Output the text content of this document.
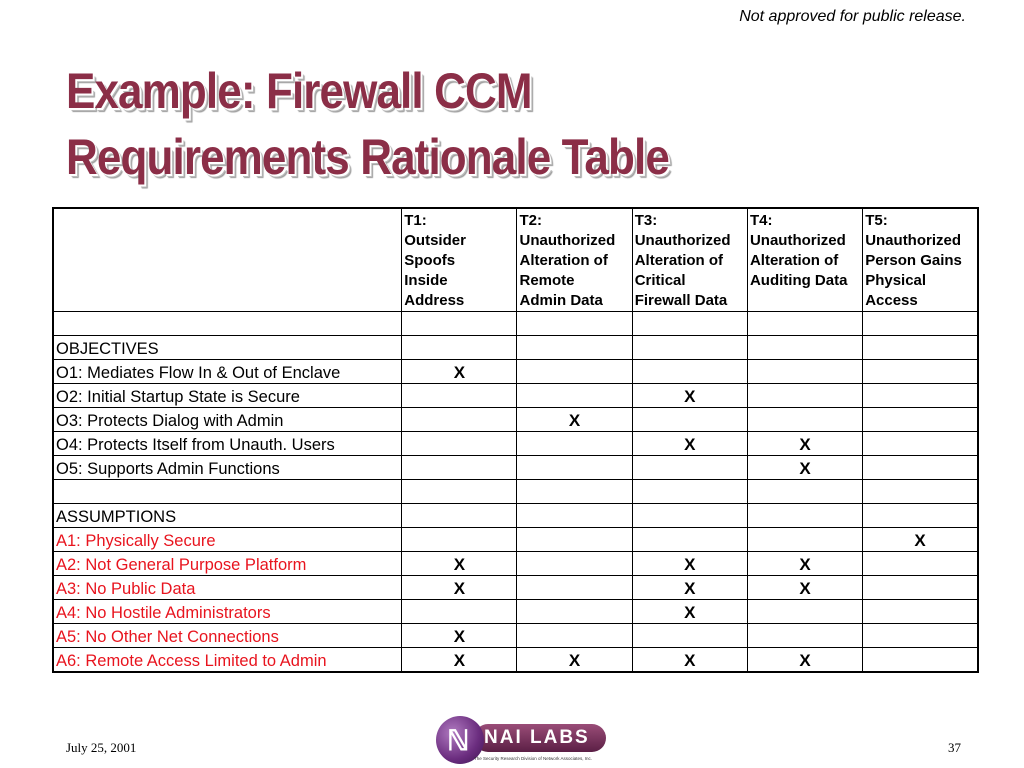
Not approved for public release.
Example: Firewall CCM
Requirements Rationale Table

	T1:
Outsider
Spoofs
Inside
Address	T2:
Unauthorized
Alteration of
Remote
Admin Data	T3:
Unauthorized
Alteration of
Critical
Firewall Data	T4:
Unauthorized
Alteration of
Auditing Data	T5:
Unauthorized
Person Gains
Physical
Access

OBJECTIVES					
O1: Mediates Flow In & Out of Enclave	X				
O2: Initial Startup State is Secure			X		
O3: Protects Dialog with Admin		X			
O4: Protects Itself from Unauth. Users			X	X	
O5: Supports Admin Functions				X	

ASSUMPTIONS					
A1: Physically Secure					X
A2: Not General Purpose Platform	X		X	X	
A3: No Public Data	X		X	X	
A4: No Hostile Administrators			X		
A5: No Other Net Connections	X				
A6: Remote Access Limited to Admin	X	X	X	X	
July 25, 2001	NAI LABS
ℕ
The Security Research Division of Network Associates, Inc.
37
